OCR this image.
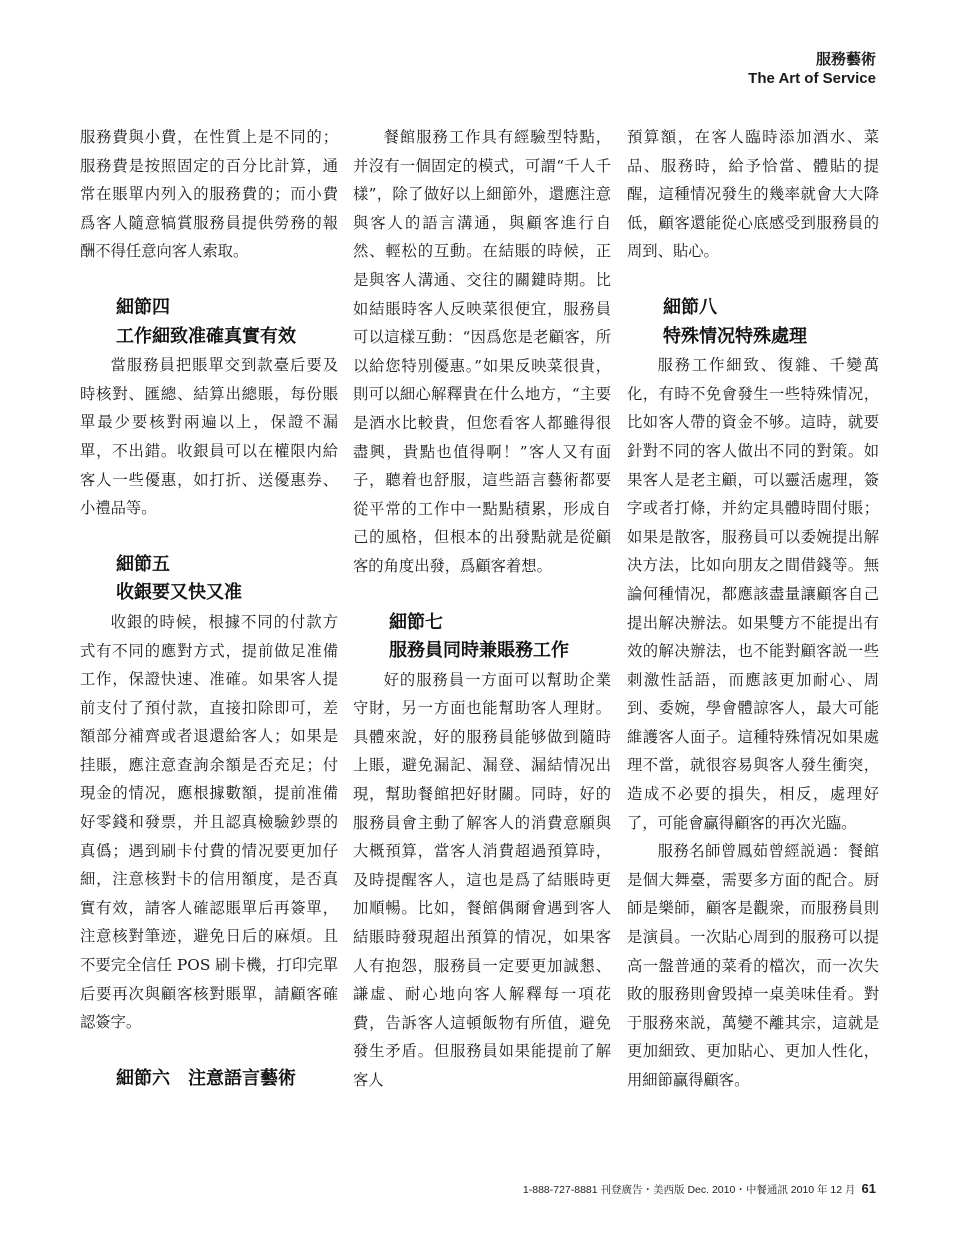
服務藝術
The Art of Service

服務費與小費，在性質上是不同的；服務費是按照固定的百分比計算，通常在賬單内列入的服務費的；而小費爲客人隨意犒賞服務員提供勞務的報酬不得任意向客人索取。

細節四
工作細致准確真實有效

當服務員把賬單交到款臺后要及時核對、匯總、結算出總賬，每份賬單最少要核對兩遍以上，保證不漏單，不出錯。收銀員可以在權限内給客人一些優惠，如打折、送優惠券、小禮品等。

細節五
收銀要又快又准

收銀的時候，根據不同的付款方式有不同的應對方式，提前做足准備工作，保證快速、准確。如果客人提前支付了預付款，直接扣除即可，差額部分補齊或者退還給客人；如果是挂賬，應注意查詢余額是否充足；付現金的情况，應根據數額，提前准備好零錢和發票，并且認真檢驗鈔票的真僞；遇到刷卡付費的情况要更加仔細，注意核對卡的信用額度，是否真實有效，請客人確認賬單后再簽單，注意核對筆迹，避免日后的麻煩。且不要完全信任 POS 刷卡機，打印完單后要再次與顧客核對賬單，請顧客確認簽字。

細節六　注意語言藝術

餐館服務工作具有經驗型特點，并沒有一個固定的模式，可謂“千人千樣”，除了做好以上細節外，還應注意與客人的語言溝通，與顧客進行自然、輕松的互動。在結賬的時候，正是與客人溝通、交往的關鍵時期。比如結賬時客人反映菜很便宜，服務員可以這樣互動：“因爲您是老顧客，所以給您特別優惠。”如果反映菜很貴，則可以細心解釋貴在什么地方，“主要是酒水比較貴，但您看客人都雖得很盡興，貴點也值得啊！”客人又有面子，聽着也舒服，這些語言藝術都要從平常的工作中一點點積累，形成自己的風格，但根本的出發點就是從顧客的角度出發，爲顧客着想。

細節七
服務員同時兼賬務工作

好的服務員一方面可以幫助企業守財，另一方面也能幫助客人理財。具體來說，好的服務員能够做到隨時上賬，避免漏記、漏登、漏結情况出現，幫助餐館把好財關。同時，好的服務員會主動了解客人的消費意願與大概預算，當客人消費超過預算時，及時提醒客人，這也是爲了結賬時更加順暢。比如，餐館偶爾會遇到客人結賬時發現超出預算的情况，如果客人有抱怨，服務員一定要更加誠懇、謙虛、耐心地向客人解釋每一項花費，告訴客人這頓飯物有所值，避免發生矛盾。但服務員如果能提前了解客人

預算額，在客人臨時添加酒水、菜品、服務時，給予恰當、體貼的提醒，這種情况發生的幾率就會大大降低，顧客還能從心底感受到服務員的周到、貼心。

細節八
特殊情况特殊處理

服務工作細致、復雜、千變萬化，有時不免會發生一些特殊情况，比如客人帶的資金不够。這時，就要針對不同的客人做出不同的對策。如果客人是老主顧，可以靈活處理，簽字或者打條，并約定具體時間付賬；如果是散客，服務員可以委婉提出解决方法，比如向朋友之間借錢等。無論何種情况，都應該盡量讓顧客自己提出解决辦法。如果雙方不能提出有效的解决辦法，也不能對顧客説一些刺激性話語，而應該更加耐心、周到、委婉，學會體諒客人，最大可能維護客人面子。這種特殊情况如果處理不當，就很容易與客人發生衝突，造成不必要的損失，相反，處理好了，可能會贏得顧客的再次光臨。

服務名師曾鳳茹曾經説過：餐館是個大舞臺，需要多方面的配合。厨師是樂師，顧客是觀衆，而服務員則是演員。一次貼心周到的服務可以提高一盤普通的菜肴的檔次，而一次失敗的服務則會毁掉一桌美味佳肴。對于服務來説，萬變不離其宗，這就是更加細致、更加貼心、更加人性化，用細節贏得顧客。

1-888-727-8881 刊登廣告・美西版 Dec. 2010・中餐通訊 2010 年 12 月 61
